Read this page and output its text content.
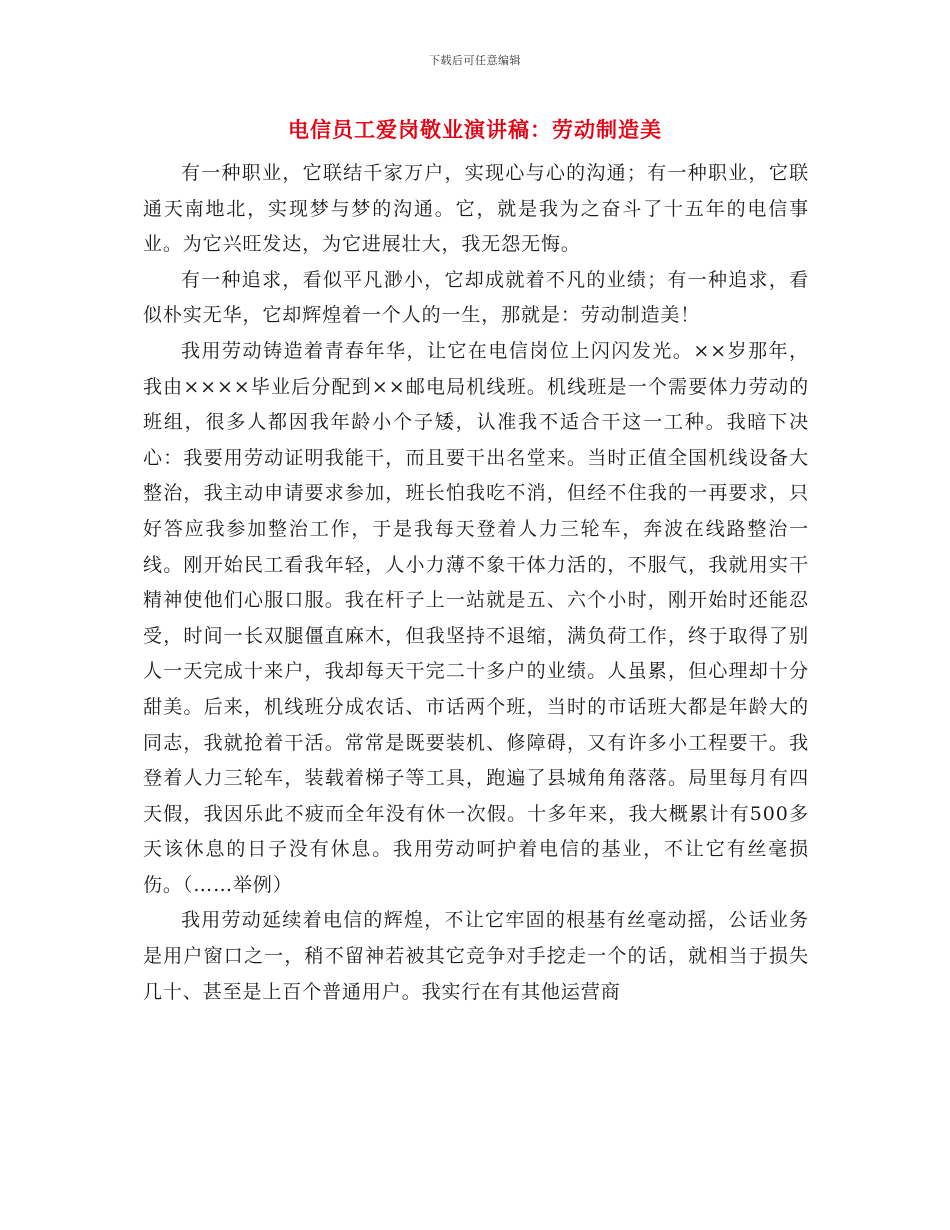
下载后可任意编辑
电信员工爱岗敬业演讲稿：劳动制造美

有一种职业，它联结千家万户，实现心与心的沟通；有一种职业，它联通天南地北，实现梦与梦的沟通。它，就是我为之奋斗了十五年的电信事业。为它兴旺发达，为它进展壮大，我无怨无悔。

有一种追求，看似平凡渺小，它却成就着不凡的业绩；有一种追求，看似朴实无华，它却辉煌着一个人的一生，那就是：劳动制造美！

我用劳动铸造着青春年华，让它在电信岗位上闪闪发光。××岁那年，我由××××毕业后分配到××邮电局机线班。机线班是一个需要体力劳动的班组，很多人都因我年龄小个子矮，认准我不适合干这一工种。我暗下决心：我要用劳动证明我能干，而且要干出名堂来。当时正值全国机线设备大整治，我主动申请要求参加，班长怕我吃不消，但经不住我的一再要求，只好答应我参加整治工作，于是我每天登着人力三轮车，奔波在线路整治一线。刚开始民工看我年轻，人小力薄不象干体力活的，不服气，我就用实干精神使他们心服口服。我在杆子上一站就是五、六个小时，刚开始时还能忍受，时间一长双腿僵直麻木，但我坚持不退缩，满负荷工作，终于取得了别人一天完成十来户，我却每天干完二十多户的业绩。人虽累，但心理却十分甜美。后来，机线班分成农话、市话两个班，当时的市话班大都是年龄大的同志，我就抢着干活。常常是既要装机、修障碍，又有许多小工程要干。我登着人力三轮车，装载着梯子等工具，跑遍了县城角角落落。局里每月有四天假，我因乐此不疲而全年没有休一次假。十多年来，我大概累计有500多天该休息的日子没有休息。我用劳动呵护着电信的基业，不让它有丝毫损伤。（……举例）

我用劳动延续着电信的辉煌，不让它牢固的根基有丝毫动摇，公话业务是用户窗口之一，稍不留神若被其它竞争对手挖走一个的话，就相当于损失几十、甚至是上百个普通用户。我实行在有其他运营商
